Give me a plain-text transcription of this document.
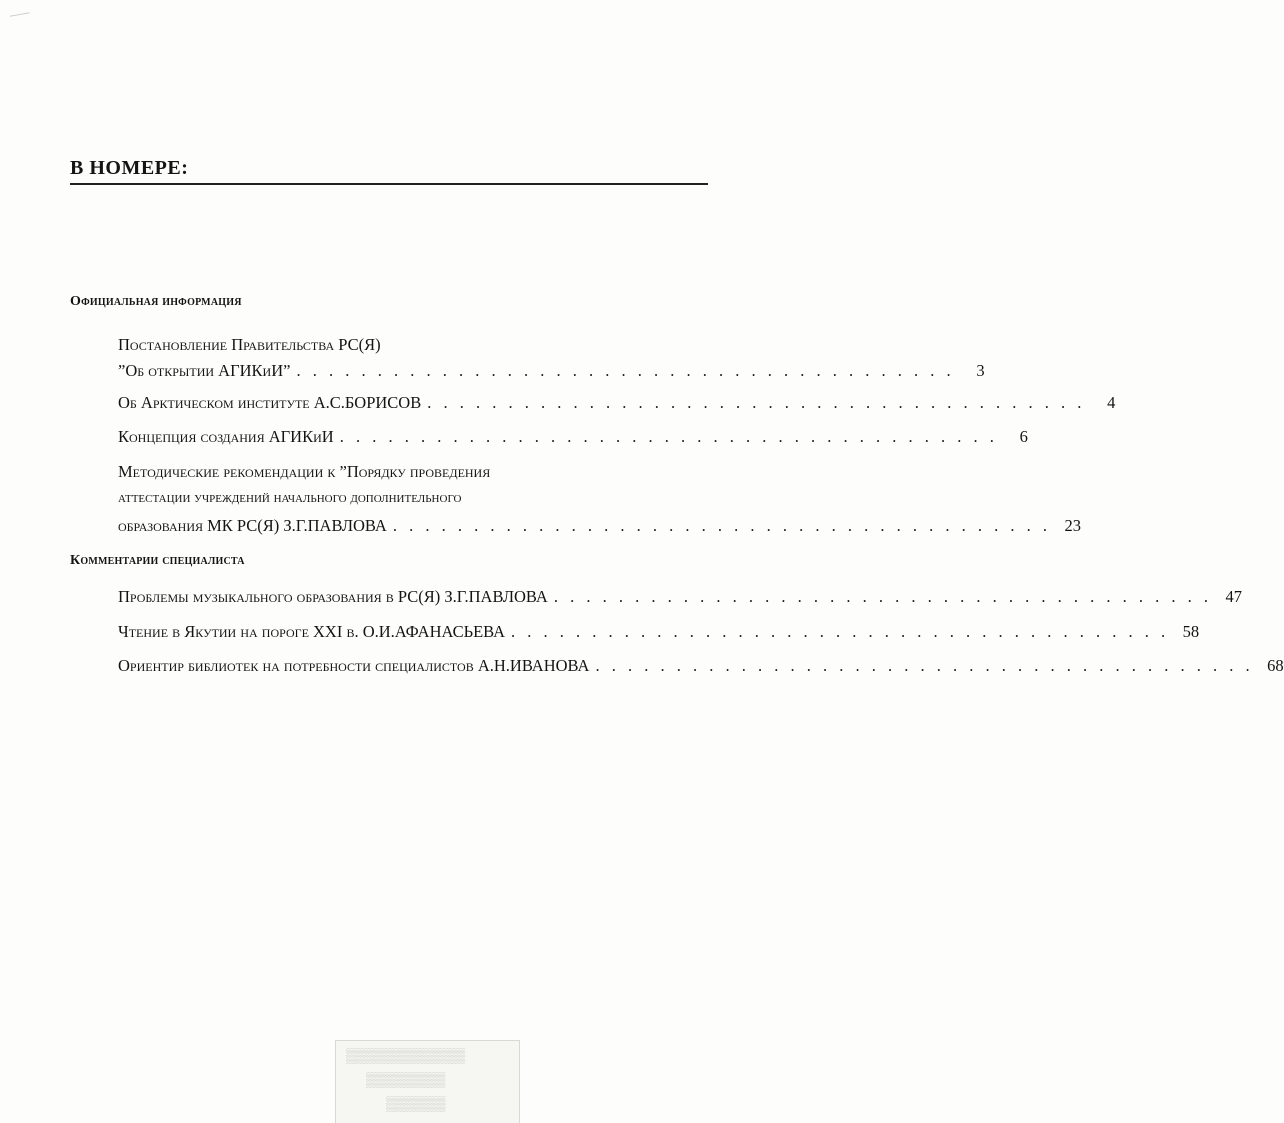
В НОМЕРЕ:
Официальная информация
Постановление Правительства РС(Я)
”Об открытии АГИКиИ” . . . . . . . . . . . . . . . . . . . . . . . . . . . . . . . . . . . . . . . . .	3
Об Арктическом институте А.С.БОРИСОВ . . . . . . . . . . . . . . . . . . . . . . . . . . . . . . . . . . . . . . . . .	4
Концепция создания АГИКиИ . . . . . . . . . . . . . . . . . . . . . . . . . . . . . . . . . . . . . . . . .	6
Методические рекомендации к ”Порядку проведения
аттестации учреждений начального дополнительного
образования МК РС(Я) З.Г.ПАВЛОВА . . . . . . . . . . . . . . . . . . . . . . . . . . . . . . . . . . . . . . . . . 23
Комментарии специалиста
Проблемы музыкального образования в РС(Я) З.Г.ПАВЛОВА . . . . . . . . . . . . . . . . . . . . . . . . . . . . . . . . . . . . . . . . . 47
Чтение в Якутии на пороге XXI в. О.И.АФАНАСЬЕВА . . . . . . . . . . . . . . . . . . . . . . . . . . . . . . . . . . . . . . . . . 58
Ориентир библиотек на потребности специалистов А.Н.ИВАНОВА . . . . . . . . . . . . . . . . . . . . . . . . . . . . . . . . . . . . . . . . . 68
▒▒▒▒▒▒▒▒▒▒▒▒
▒▒▒▒▒▒▒▒
▒▒▒▒▒▒
